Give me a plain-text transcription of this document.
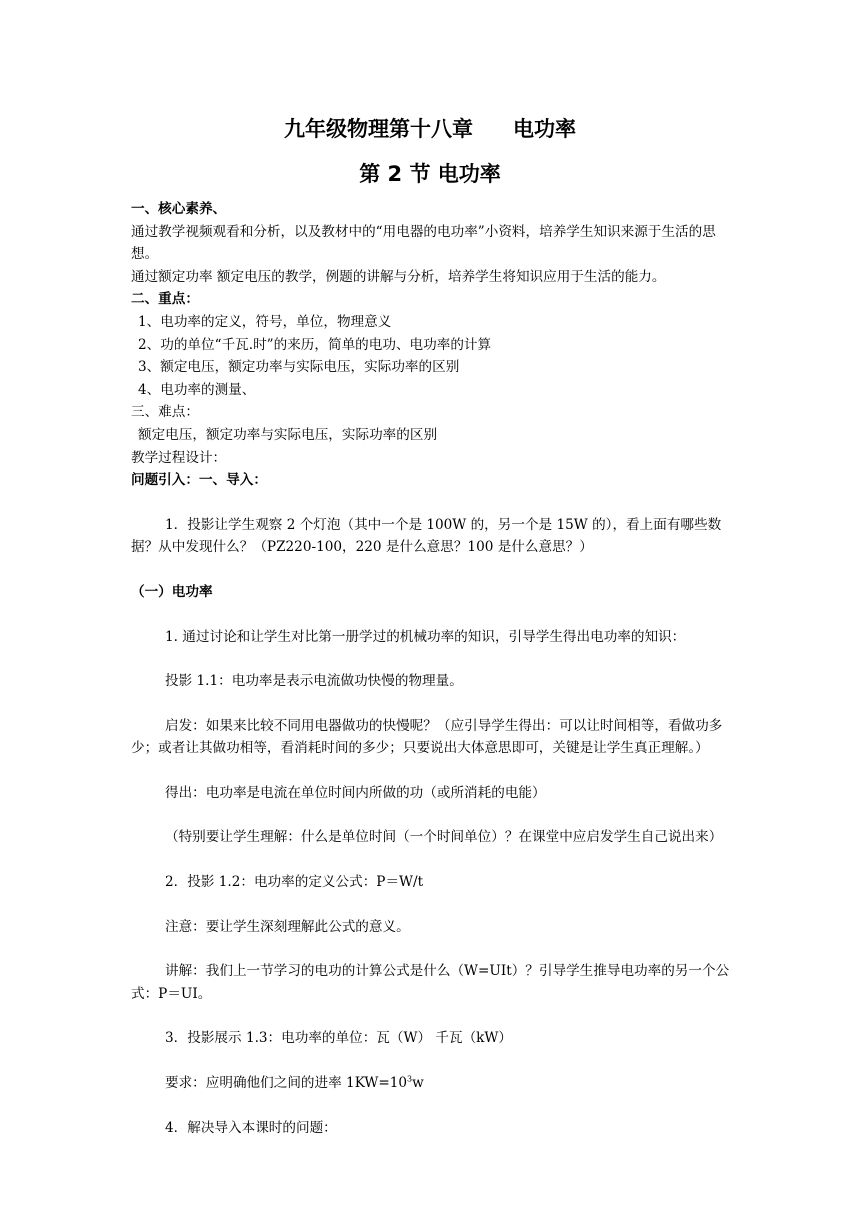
九年级物理第十八章 电功率
第 2 节 电功率

一、核心素养、

通过教学视频观看和分析，以及教材中的“用电器的电功率”小资料，培养学生知识来源于生活的思想。

通过额定功率 额定电压的教学，例题的讲解与分析，培养学生将知识应用于生活的能力。

二、重点：

1、电功率的定义，符号，单位，物理意义

2、功的单位“千瓦.时”的来历，简单的电功、电功率的计算

3、额定电压，额定功率与实际电压，实际功率的区别

4、电功率的测量、

三、难点：

额定电压，额定功率与实际电压，实际功率的区别

教学过程设计：

问题引入：一、导入：

1．投影让学生观察 2 个灯泡（其中一个是 100W 的，另一个是 15W 的），看上面有哪些数据？从中发现什么？（PZ220-100，220 是什么意思？100 是什么意思？）

（一）电功率

1. 通过讨论和让学生对比第一册学过的机械功率的知识，引导学生得出电功率的知识：

投影 1.1：电功率是表示电流做功快慢的物理量。

启发：如果来比较不同用电器做功的快慢呢？（应引导学生得出：可以让时间相等，看做功多少；或者让其做功相等，看消耗时间的多少；只要说出大体意思即可，关键是让学生真正理解。）

得出：电功率是电流在单位时间内所做的功（或所消耗的电能）

（特别要让学生理解：什么是单位时间（一个时间单位）？在课堂中应启发学生自己说出来）

2．投影 1.2：电功率的定义公式：P＝W/t

注意：要让学生深刻理解此公式的意义。

讲解：我们上一节学习的电功的计算公式是什么（W=UIt）？引导学生推导电功率的另一个公式：P＝UI。

3．投影展示 1.3：电功率的单位：瓦（W） 千瓦（kW）

要求：应明确他们之间的进率 $1KW=10^3w$

4．解决导入本课时的问题：
